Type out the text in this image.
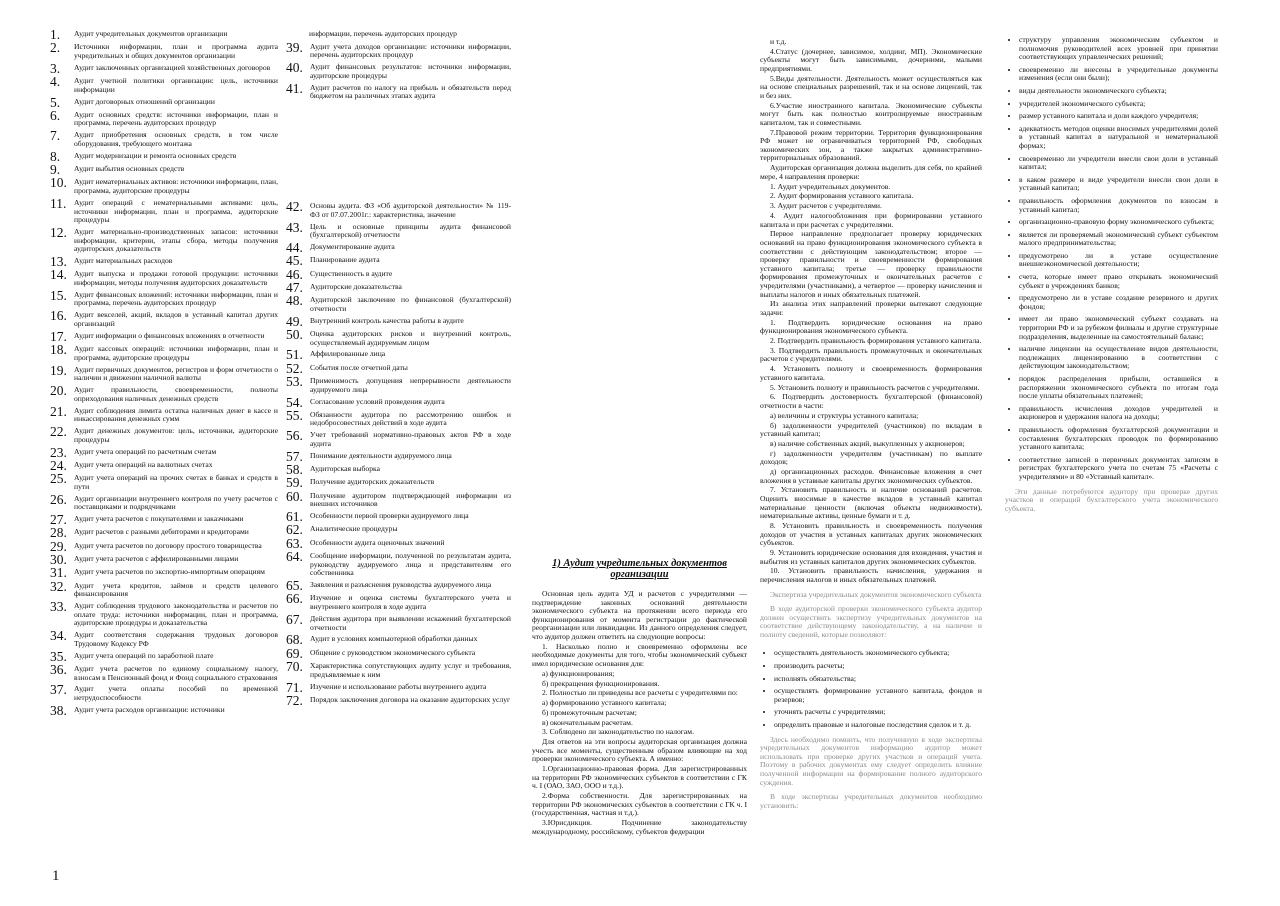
1.	Аудит учредительных документов организации
2.	Источники информации, план и программа аудита учредительных и общих документов организации
3.	Аудит заключенных организацией хозяйственных договоров
4.	Аудит учетной политики организации: цель, источники информации
5.	Аудит договорных отношений организации
6.	Аудит основных средств: источники информации, план и программа, перечень аудиторских процедур
7.	Аудит приобретения основных средств, в том числе оборудования, требующего монтажа
8.	Аудит модернизации и ремонта основных средств
9.	Аудит выбытия основных средств
10. Аудит нематериальных активов: источники информации, план, программа, аудиторские процедуры
11.	Аудит операций с нематериальными активами: цель, источники информации, план и программа, аудиторские процедуры
12. Аудит материально-производственных запасов: источники информации, критерии, этапы сбора, методы получения аудиторских доказательств
13. Аудит материальных расходов
14. Аудит выпуска и продажи готовой продукции: источники информации, методы получения аудиторских доказательств
15. Аудит финансовых вложений: источники информации, план и программа, перечень аудиторских процедур
16. Аудит векселей, акций, вкладов в уставный капитал других организаций
17. Аудит информации о финансовых вложениях в отчетности
18. Аудит кассовых операций: источники информации, план и программа, аудиторские процедуры
19. Аудит первичных документов, регистров и форм отчетности о наличии и движении наличной валюты
20. Аудит правильности, своевременности, полноты оприходования наличных денежных средств
21. Аудит соблюдения лимита остатка наличных денег в кассе и инкассирования денежных сумм
22. Аудит денежных документов: цель, источники, аудиторские процедуры
23. Аудит учета операций по расчетным счетам
24. Аудит учета операций на валютных счетах
25. Аудит учета операций на прочих счетах в банках и средств в пути
26. Аудит организации внутреннего контроля по учету расчетов с поставщиками и подрядчиками
27. Аудит учета расчетов с покупателями и заказчиками
28. Аудит расчетов с разными дебиторами и кредиторами
29. Аудит учета расчетов по договору простого товарищества
30. Аудит учета расчетов с аффилированными лицами
31. Аудит учета расчетов по экспортно-импортным операциям
32. Аудит учета кредитов, займов и средств целевого финансирования
33. Аудит соблюдения трудового законодательства и расчетов по оплате труда: источники информации, план и программа, аудиторские процедуры и доказательства
34. Аудит соответствия содержания трудовых договоров Трудовому Кодексу РФ
35. Аудит учета операций по заработной плате
36. Аудит учета расчетов по единому социальному налогу, взносам в Пенсионный фонд и Фонд социального страхования
37. Аудит учета оплаты пособий по временной нетрудоспособности
38. Аудит учета расходов организации: источники

информации, перечень аудиторских процедур

39. Аудит учета доходов организации: источники информации, перечень аудиторских процедур
40. Аудит финансовых результатов: источники информации, аудиторские процедуры
41. Аудит расчетов по налогу на прибыль и обязательств перед бюджетом на различных этапах аудита
42. Основы аудита. ФЗ «Об аудиторской деятельности» № 119-ФЗ от 07.07.2001г.: характеристика, значение
43. Цель и основные принципы аудита финансовой (бухгалтерской) отчетности
44. Документирование аудита
45. Планирование аудита
46. Существенность в аудите
47. Аудиторские доказательства
48. Аудиторской заключение по финансовой (бухгалтерской) отчетности
49. Внутренний контроль качества работы в аудите
50. Оценка аудиторских рисков и внутренний контроль, осуществляемый аудируемым лицом
51. Аффилированные лица
52. События после отчетной даты
53. Применимость допущения непрерывности деятельности аудируемого лица
54. Согласование условий проведения аудита
55. Обязанности аудитора по рассмотрению ошибок и недобросовестных действий в ходе аудита
56. Учет требований нормативно-правовых актов РФ в ходе аудита
57. Понимание деятельности аудируемого лица
58. Аудиторская выборка
59. Получение аудиторских доказательств
60. Получение аудитором подтверждающей информации из внешних источников
61. Особенности первой проверки аудируемого лица
62. Аналитические процедуры
63. Особенности аудита оценочных значений
64. Сообщение информации, полученной по результатам аудита, руководству аудируемого лица и представителям его собственника
65. Заявления и разъяснения руководства аудируемого лица
66. Изучение и оценка системы бухгалтерского учета и внутреннего контроля в ходе аудита
67. Действия аудитора при выявлении искажений бухгалтерской отчетности
68. Аудит в условиях компьютерной обработки данных
69. Общение с руководством экономического субъекта
70. Характеристика сопутствующих аудиту услуг и требования, предъявляемые к ним
71. Изучение и использование работы внутреннего аудита
72. Порядок заключения договора на оказание аудиторских услуг
1) Аудит учредительных документов организации

Основная цель аудита УД и расчетов с учредителями — подтверждение законных оснований деятельности экономического субъекта на протяжении всего периода его функционирования от момента регистрации до фактической реорганизации или ликвидации. Из данного определения следует, что аудитор должен ответить на следующие вопросы:

1. Насколько полно и своевременно оформлены все необходимые документы для того, чтобы экономический субъект имел юридические основания для:

а) функционирования;

б) прекращения функционирования.

2. Полностью ли приведены все расчеты с учредителями по:

а) формированию уставного капитала;

б) промежуточным расчетам;

в) окончательным расчетам.

3. Соблюдено ли законодательство по налогам.

Для ответов на эти вопросы аудиторская организация должна учесть все моменты, существенным образом влияющие на ход проверки экономического субъекта. А именно:

1.Организационно-правовая форма. Для зарегистрированных на территории РФ экономических субъектов в соответствии с ГК ч. I (ОАО, ЗАО, ООО и т.д.).

2.Форма собственности. Для зарегистрированных на территории РФ экономических субъектов в соответствии с ГК ч. I (государственная, частная и т.д.).

3.Юрисдикция. Подчинение законодательству международному, российскому, субъектов федерации

и т.д.

4.Статус (дочернее, зависимое, холдинг, МП). Экономические субъекты могут быть зависимыми, дочерними, малыми предприятиями.

5.Виды деятельности. Деятельность может осуществляться как на основе специальных разрешений, так и на основе лицензий, так и без них.

6.Участие иностранного капитала. Экономические субъекты могут быть как полностью контролируемые иностранным капиталом, так и совместными.

7.Правовой режим территории. Территория функционирования РФ может не ограничиваться территорией РФ, свободных экономических зон, а также закрытых административно-территориальных образований.

Аудиторская организация должна выделить для себя, по крайней мере, 4 направления проверки:

1. Аудит учредительных документов.

2. Аудит формирования уставного капитала.

3. Аудит расчетов с учредителями.

4. Аудит налогообложения при формировании уставного капитала и при расчетах с учредителями.

Первое направление предполагает проверку юридических оснований на право функционирования экономического субъекта в соответствии с действующим законодательством; второе — проверку правильности и своевременности формирования уставного капитала; третье — проверку правильности формирования промежуточных и окончательных расчетов с учредителями (участниками), а четвертое — проверку начисления и выплаты налогов и иных обязательных платежей.

Из анализа этих направлений проверки вытекают следующие задачи:

1. Подтвердить юридические основания на право функционирования экономического субъекта.

2. Подтвердить правильность формирования уставного капитала.

3. Подтвердить правильность промежуточных и окончательных расчетов с учредителями.

4. Установить полноту и своевременность формирования уставного капитала.

5. Установить полноту и правильность расчетов с учредителями.

6. Подтвердить достоверность бухгалтерской (финансовой) отчетности в части:

а) величины и структуры уставного капитала;

б) задолженности учредителей (участников) по вкладам в уставный капитал;

в) наличие собственных акций, выкупленных у акционеров;

г) задолженности учредителям (участникам) по выплате доходов;

д) организационных расходов. Финансовые вложения в счет вложения в уставные капиталы других экономических субъектов.

7. Установить правильность и наличие оснований расчетов. Оценить вносимые в качестве вкладов в уставный капитал материальные ценности (включая объекты недвижимости), нематериальные активы, ценные бумаги и т. д.

8. Установить правильность и своевременность получения доходов от участия в уставных капиталах других экономических субъектов.

9. Установить юридические основания для вхождения, участия и выбытия из уставных капиталов других экономических субъектов.

10. Установить правильность начисления, удержания и перечисления налогов и иных обязательных платежей.

Экспертиза учредительных документов экономического субъекта

В ходе аудиторской проверки экономического субъекта аудитор должен осуществить экспертизу учредительных документов на соответствие действующему законодательству, а на наличие и полноту сведений, которые позволяют:

• осуществлять деятельность экономического субъекта;
• производить расчеты;
• исполнять обязательства;
• осуществлять формирование уставного капитала, фондов и резервов;
• уточнять расчеты с учредителями;
• определить правовые и налоговые последствия сделок и т. д.

Здесь необходимо помнить, что полученную в ходе экспертизы учредительных документов информацию аудитор может использовать при проверке других участков и операций учета. Поэтому в рабочих документах ему следует определить влияние полученной информации на формирование полного аудиторского суждения.

В ходе экспертизы учредительных документов необходимо установить:

• структуру управления экономическим субъектом и полномочия руководителей всех уровней при принятии соответствующих управленческих решений;
• своевременно ли внесены в учредительные документы изменения (если они были);
• виды деятельности экономического субъекта;
• учредителей экономического субъекта;
• размер уставного капитала и доли каждого учредителя;
• адекватность методов оценки вносимых учредителями долей в уставный капитал в натуральной и нематериальной формах;
• своевременно ли учредители внесли свои доли в уставный капитал;
• в каком размере и виде учредители внесли свои доли в уставный капитал;
• правильность оформления документов по взносам в уставный капитал;
• организационно-правовую форму экономического субъекта;
• является ли проверяемый экономический субъект субъектом малого предпринимательства;
• предусмотрено ли в уставе осуществление внешнеэкономической деятельности;
• счета, которые имеет право открывать экономический субъект в учреждениях банков;
• предусмотрено ли в уставе создание резервного и других фондов;
• имеет ли право экономический субъект создавать на территории РФ и за рубежом филиалы и другие структурные подразделения, выделенные на самостоятельный баланс;
• наличие лицензии на осуществление видов деятельности, подлежащих лицензированию в соответствии с действующим законодательством;
• порядок распределения прибыли, оставшейся в распоряжении экономического субъекта по итогам года после уплаты обязательных платежей;
• правильность исчисления доходов учредителей и акционеров и удержания налога на доходы;
• правильность оформления бухгалтерской документации и составления бухгалтерских проводок по формированию уставного капитала;
• соответствие записей в первичных документах записям в регистрах бухгалтерского учета по счетам 75 «Расчеты с учредителями» и 80 «Уставный капитал».

Эти данные потребуются аудитору при проверке других участков и операций бухгалтерского учета экономического субъекта.

1
